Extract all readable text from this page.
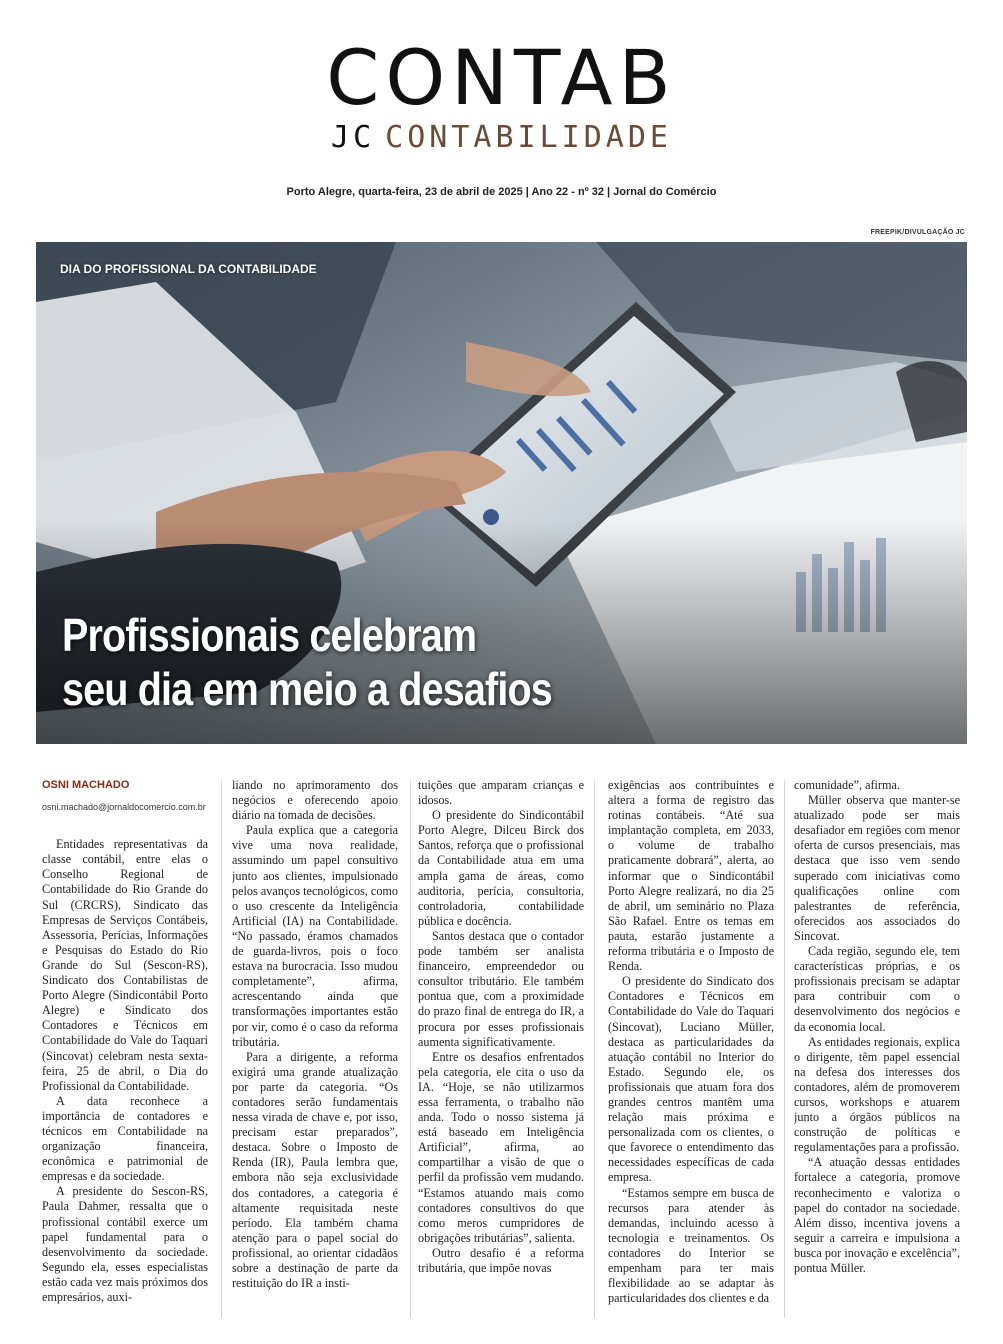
CONTAB
JC CONTABILIDADE
Porto Alegre, quarta-feira, 23 de abril de 2025 | Ano 22 - nº 32 | Jornal do Comércio
FREEPIK/DIVULGAÇÃO JC
DIA DO PROFISSIONAL DA CONTABILIDADE
Profissionais celebram
seu dia em meio a desafios
OSNI MACHADO
osni.machado@jornaldocomercio.com.br

Entidades representativas da classe contábil, entre elas o Conselho Regional de Contabilidade do Rio Grande do Sul (CRCRS), Sindicato das Empresas de Serviços Contábeis, Assessoria, Perícias, Informações e Pesquisas do Estado do Rio Grande do Sul (Sescon-RS), Sindicato dos Contabilistas de Porto Alegre (Sindicontábil Porto Alegre) e Sindicato dos Contadores e Técnicos em Contabilidade do Vale do Taquari (Sincovat) celebram nesta sexta-feira, 25 de abril, o Dia do Profissional da Contabilidade.

A data reconhece a importância de contadores e técnicos em Contabilidade na organização financeira, econômica e patrimonial de empresas e da sociedade.

A presidente do Sescon-RS, Paula Dahmer, ressalta que o profissional contábil exerce um papel fundamental para o desenvolvimento da sociedade. Segundo ela, esses especialistas estão cada vez mais próximos dos empresários, auxi-

liando no aprimoramento dos negócios e oferecendo apoio diário na tomada de decisões.

Paula explica que a categoria vive uma nova realidade, assumindo um papel consultivo junto aos clientes, impulsionado pelos avanços tecnológicos, como o uso crescente da Inteligência Artificial (IA) na Contabilidade. “No passado, éramos chamados de guarda-livros, pois o foco estava na burocracia. Isso mudou completamente”, afirma, acrescentando ainda que transformações importantes estão por vir, como é o caso da reforma tributária.

Para a dirigente, a reforma exigirá uma grande atualização por parte da categoria. “Os contadores serão fundamentais nessa virada de chave e, por isso, precisam estar preparados”, destaca. Sobre o Imposto de Renda (IR), Paula lembra que, embora não seja exclusividade dos contadores, a categoria é altamente requisitada neste período. Ela também chama atenção para o papel social do profissional, ao orientar cidadãos sobre a destinação de parte da restituição do IR a insti-

tuições que amparam crianças e idosos.

O presidente do Sindicontábil Porto Alegre, Dilceu Birck dos Santos, reforça que o profissional da Contabilidade atua em uma ampla gama de áreas, como auditoria, perícia, consultoria, controladoria, contabilidade pública e docência.

Santos destaca que o contador pode também ser analista financeiro, empreendedor ou consultor tributário. Ele também pontua que, com a proximidade do prazo final de entrega do IR, a procura por esses profissionais aumenta significativamente.

Entre os desafios enfrentados pela categoria, ele cita o uso da IA. “Hoje, se não utilizarmos essa ferramenta, o trabalho não anda. Todo o nosso sistema já está baseado em Inteligência Artificial”, afirma, ao compartilhar a visão de que o perfil da profissão vem mudando. “Estamos atuando mais como contadores consultivos do que como meros cumpridores de obrigações tributárias”, salienta.

Outro desafio é a reforma tributária, que impõe novas

exigências aos contribuintes e altera a forma de registro das rotinas contábeis. “Até sua implantação completa, em 2033, o volume de trabalho praticamente dobrará”, alerta, ao informar que o Sindicontábil Porto Alegre realizará, no dia 25 de abril, um seminário no Plaza São Rafael. Entre os temas em pauta, estarão justamente a reforma tributária e o Imposto de Renda.

O presidente do Sindicato dos Contadores e Técnicos em Contabilidade do Vale do Taquari (Sincovat), Luciano Müller, destaca as particularidades da atuação contábil no Interior do Estado. Segundo ele, os profissionais que atuam fora dos grandes centros mantêm uma relação mais próxima e personalizada com os clientes, o que favorece o entendimento das necessidades específicas de cada empresa.

“Estamos sempre em busca de recursos para atender às demandas, incluindo acesso à tecnologia e treinamentos. Os contadores do Interior se empenham para ter mais flexibilidade ao se adaptar às particularidades dos clientes e da

comunidade”, afirma.

Müller observa que manter-se atualizado pode ser mais desafiador em regiões com menor oferta de cursos presenciais, mas destaca que isso vem sendo superado com iniciativas como qualificações online com palestrantes de referência, oferecidos aos associados do Sincovat.

Cada região, segundo ele, tem características próprias, e os profissionais precisam se adaptar para contribuir com o desenvolvimento dos negócios e da economia local.

As entidades regionais, explica o dirigente, têm papel essencial na defesa dos interesses dos contadores, além de promoverem cursos, workshops e atuarem junto a órgãos públicos na construção de políticas e regulamentações para a profissão.

“A atuação dessas entidades fortalece a categoria, promove reconhecimento e valoriza o papel do contador na sociedade. Além disso, incentiva jovens a seguir a carreira e impulsiona a busca por inovação e excelência”, pontua Müller.
